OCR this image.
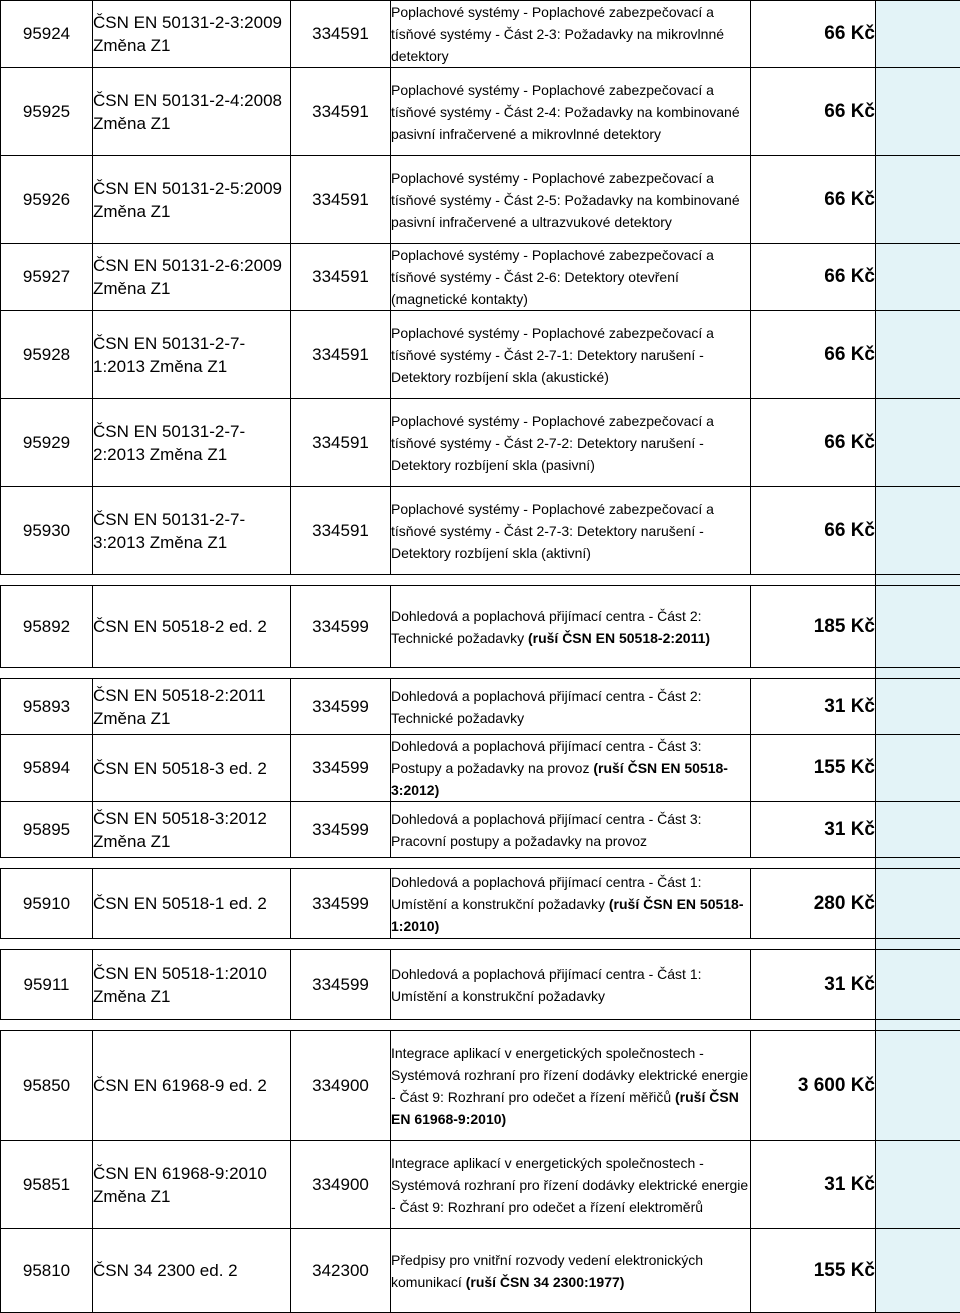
95924	ČSN EN 50131-2-3:2009 Změna Z1	334591	Poplachové systémy - Poplachové zabezpečovací a tísňové systémy - Část 2-3: Požadavky na mikrovlnné detektory	66 Kč	
95925	ČSN EN 50131-2-4:2008 Změna Z1	334591	Poplachové systémy - Poplachové zabezpečovací a tísňové systémy - Část 2-4: Požadavky na kombinované pasivní infračervené a mikrovlnné detektory	66 Kč	
95926	ČSN EN 50131-2-5:2009 Změna Z1	334591	Poplachové systémy - Poplachové zabezpečovací a tísňové systémy - Část 2-5: Požadavky na kombinované pasivní infračervené a ultrazvukové detektory	66 Kč	
95927	ČSN EN 50131-2-6:2009 Změna Z1	334591	Poplachové systémy - Poplachové zabezpečovací a tísňové systémy - Část 2-6: Detektory otevření (magnetické kontakty)	66 Kč	
95928	ČSN EN 50131-2-7-1:2013 Změna Z1	334591	Poplachové systémy - Poplachové zabezpečovací a tísňové systémy - Část 2-7-1: Detektory narušení - Detektory rozbíjení skla (akustické)	66 Kč	
95929	ČSN EN 50131-2-7-2:2013 Změna Z1	334591	Poplachové systémy - Poplachové zabezpečovací a tísňové systémy - Část 2-7-2: Detektory narušení - Detektory rozbíjení skla (pasivní)	66 Kč	
95930	ČSN EN 50131-2-7-3:2013 Změna Z1	334591	Poplachové systémy - Poplachové zabezpečovací a tísňové systémy - Část 2-7-3: Detektory narušení - Detektory rozbíjení skla (aktivní)	66 Kč	

95892	ČSN EN 50518-2 ed. 2	334599	Dohledová a poplachová přijímací centra - Část 2: Technické požadavky (ruší ČSN EN 50518-2:2011)	185 Kč	

95893	ČSN EN 50518-2:2011 Změna Z1	334599	Dohledová a poplachová přijímací centra - Část 2: Technické požadavky	31 Kč	
95894	ČSN EN 50518-3 ed. 2	334599	Dohledová a poplachová přijímací centra - Část 3: Postupy a požadavky na provoz (ruší ČSN EN 50518-3:2012)	155 Kč	
95895	ČSN EN 50518-3:2012 Změna Z1	334599	Dohledová a poplachová přijímací centra - Část 3: Pracovní postupy a požadavky na provoz	31 Kč	

95910	ČSN EN 50518-1 ed. 2	334599	Dohledová a poplachová přijímací centra - Část 1: Umístění a konstrukční požadavky (ruší ČSN EN 50518-1:2010)	280 Kč	

95911	ČSN EN 50518-1:2010 Změna Z1	334599	Dohledová a poplachová přijímací centra - Část 1: Umístění a konstrukční požadavky	31 Kč	

95850	ČSN EN 61968-9 ed. 2	334900	Integrace aplikací v energetických společnostech - Systémová rozhraní pro řízení dodávky elektrické energie - Část 9: Rozhraní pro odečet a řízení měřičů (ruší ČSN EN 61968-9:2010)	3 600 Kč	
95851	ČSN EN 61968-9:2010 Změna Z1	334900	Integrace aplikací v energetických společnostech - Systémová rozhraní pro řízení dodávky elektrické energie - Část 9: Rozhraní pro odečet a řízení elektroměrů	31 Kč	
95810	ČSN 34 2300 ed. 2	342300	Předpisy pro vnitřní rozvody vedení elektronických komunikací (ruší ČSN 34 2300:1977)	155 Kč	
